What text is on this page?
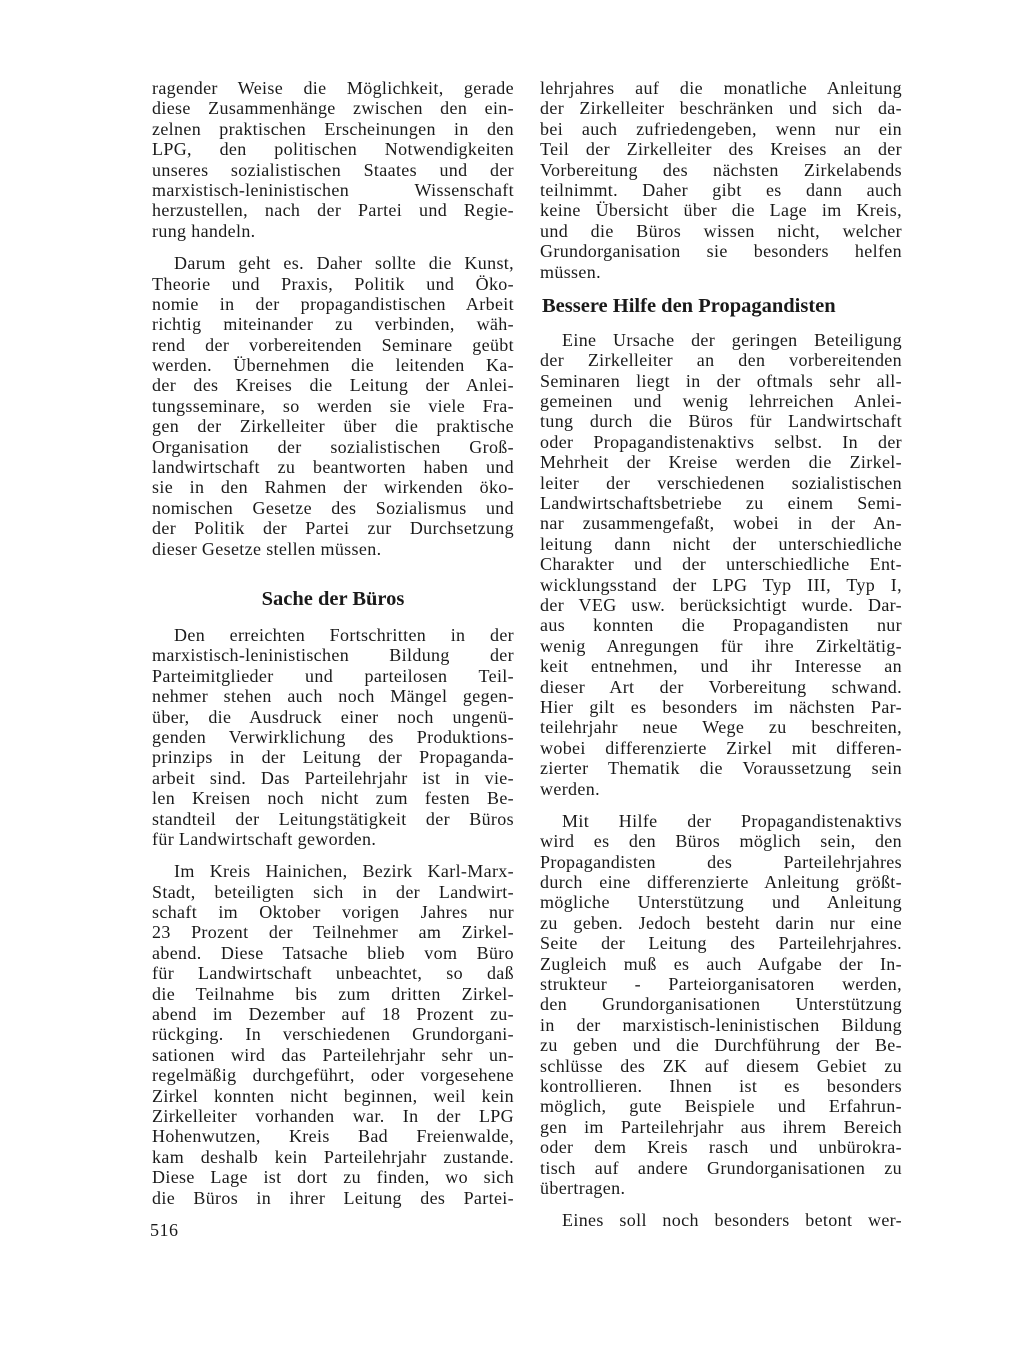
ragender Weise die Möglichkeit, gerade
diese Zusammenhänge zwischen den ein-
zelnen praktischen Erscheinungen in den
LPG, den politischen Notwendigkeiten
unseres sozialistischen Staates und der
marxistisch-leninistischen Wissenschaft
herzustellen, nach der Partei und Regie-
rung handeln.
Darum geht es. Daher sollte die Kunst,
Theorie und Praxis, Politik und Öko-
nomie in der propagandistischen Arbeit
richtig miteinander zu verbinden, wäh-
rend der vorbereitenden Seminare geübt
werden. Übernehmen die leitenden Ka-
der des Kreises die Leitung der Anlei-
tungsseminare, so werden sie viele Fra-
gen der Zirkelleiter über die praktische
Organisation der sozialistischen Groß-
landwirtschaft zu beantworten haben und
sie in den Rahmen der wirkenden öko-
nomischen Gesetze des Sozialismus und
der Politik der Partei zur Durchsetzung
dieser Gesetze stellen müssen.
Sache der Büros
Den erreichten Fortschritten in der
marxistisch-leninistischen Bildung der
Parteimitglieder und parteilosen Teil-
nehmer stehen auch noch Mängel gegen-
über, die Ausdruck einer noch ungenü-
genden Verwirklichung des Produktions-
prinzips in der Leitung der Propaganda-
arbeit sind. Das Parteilehrjahr ist in vie-
len Kreisen noch nicht zum festen Be-
standteil der Leitungstätigkeit der Büros
für Landwirtschaft geworden.
Im Kreis Hainichen, Bezirk Karl-Marx-
Stadt, beteiligten sich in der Landwirt-
schaft im Oktober vorigen Jahres nur
23 Prozent der Teilnehmer am Zirkel-
abend. Diese Tatsache blieb vom Büro
für Landwirtschaft unbeachtet, so daß
die Teilnahme bis zum dritten Zirkel-
abend im Dezember auf 18 Prozent zu-
rückging. In verschiedenen Grundorgani-
sationen wird das Parteilehrjahr sehr un-
regelmäßig durchgeführt, oder vorgesehene
Zirkel konnten nicht beginnen, weil kein
Zirkelleiter vorhanden war. In der LPG
Hohenwutzen, Kreis Bad Freienwalde,
kam deshalb kein Parteilehrjahr zustande.
Diese Lage ist dort zu finden, wo sich
die Büros in ihrer Leitung des Partei-
lehrjahres auf die monatliche Anleitung
der Zirkelleiter beschränken und sich da-
bei auch zufriedengeben, wenn nur ein
Teil der Zirkelleiter des Kreises an der
Vorbereitung des nächsten Zirkelabends
teilnimmt. Daher gibt es dann auch
keine Übersicht über die Lage im Kreis,
und die Büros wissen nicht, welcher
Grundorganisation sie besonders helfen
müssen.
Bessere Hilfe den Propagandisten
Eine Ursache der geringen Beteiligung
der Zirkelleiter an den vorbereitenden
Seminaren liegt in der oftmals sehr all-
gemeinen und wenig lehrreichen Anlei-
tung durch die Büros für Landwirtschaft
oder Propagandistenaktivs selbst. In der
Mehrheit der Kreise werden die Zirkel-
leiter der verschiedenen sozialistischen
Landwirtschaftsbetriebe zu einem Semi-
nar zusammengefaßt, wobei in der An-
leitung dann nicht der unterschiedliche
Charakter und der unterschiedliche Ent-
wicklungsstand der LPG Typ III, Typ I,
der VEG usw. berücksichtigt wurde. Dar-
aus konnten die Propagandisten nur
wenig Anregungen für ihre Zirkeltätig-
keit entnehmen, und ihr Interesse an
dieser Art der Vorbereitung schwand.
Hier gilt es besonders im nächsten Par-
teilehrjahr neue Wege zu beschreiten,
wobei differenzierte Zirkel mit differen-
zierter Thematik die Voraussetzung sein
werden.
Mit Hilfe der Propagandistenaktivs
wird es den Büros möglich sein, den
Propagandisten des Parteilehrjahres
durch eine differenzierte Anleitung größt-
mögliche Unterstützung und Anleitung
zu geben. Jedoch besteht darin nur eine
Seite der Leitung des Parteilehrjahres.
Zugleich muß es auch Aufgabe der In-
strukteur - Parteiorganisatoren werden,
den Grundorganisationen Unterstützung
in der marxistisch-leninistischen Bildung
zu geben und die Durchführung der Be-
schlüsse des ZK auf diesem Gebiet zu
kontrollieren. Ihnen ist es besonders
möglich, gute Beispiele und Erfahrun-
gen im Parteilehrjahr aus ihrem Bereich
oder dem Kreis rasch und unbürokra-
tisch auf andere Grundorganisationen zu
übertragen.
Eines soll noch besonders betont wer-
516
